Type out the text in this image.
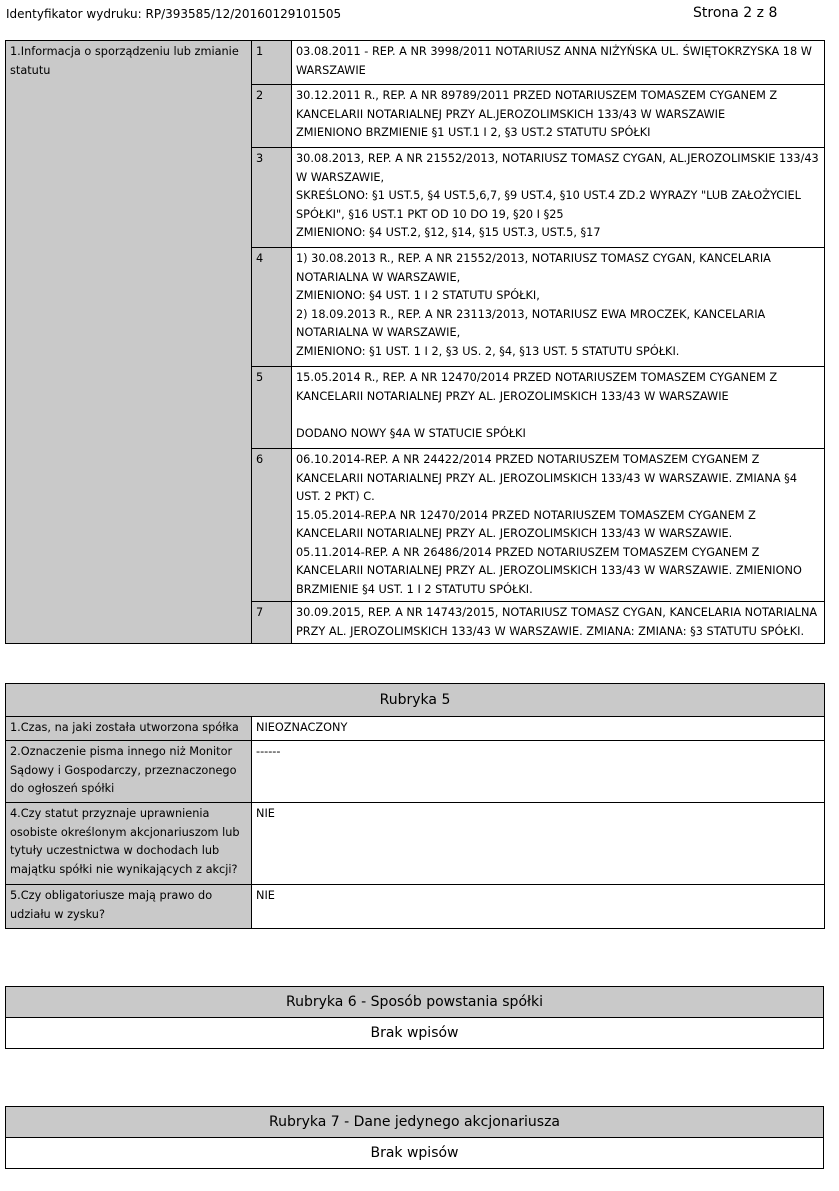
Identyfikator wydruku: RP/393585/12/20160129101505	Strona 2 z 8
1.Informacja o sporządzeniu lub zmianie statutu	1	03.08.2011 - REP. A NR 3998/2011 NOTARIUSZ ANNA NIŻYŃSKA UL. ŚWIĘTOKRZYSKA 18 W WARSZAWIE
	2	30.12.2011 R., REP. A NR 89789/2011 PRZED NOTARIUSZEM TOMASZEM CYGANEM Z KANCELARII NOTARIALNEJ PRZY AL.JEROZOLIMSKICH 133/43 W WARSZAWIE
ZMIENIONO BRZMIENIE §1 UST.1 I 2, §3 UST.2 STATUTU SPÓŁKI
	3	30.08.2013, REP. A NR 21552/2013, NOTARIUSZ TOMASZ CYGAN, AL.JEROZOLIMSKIE 133/43 W WARSZAWIE,
SKREŚLONO: §1 UST.5, §4 UST.5,6,7, §9 UST.4, §10 UST.4 ZD.2 WYRAZY "LUB ZAŁOŻYCIEL SPÓŁKI", §16 UST.1 PKT OD 10 DO 19, §20 I §25
ZMIENIONO: §4 UST.2, §12, §14, §15 UST.3, UST.5, §17
	4	1) 30.08.2013 R., REP. A NR 21552/2013, NOTARIUSZ TOMASZ CYGAN, KANCELARIA NOTARIALNA W WARSZAWIE,
ZMIENIONO: §4 UST. 1 I 2 STATUTU SPÓŁKI,
2) 18.09.2013 R., REP. A NR 23113/2013, NOTARIUSZ EWA MROCZEK, KANCELARIA NOTARIALNA W WARSZAWIE,
ZMIENIONO: §1 UST. 1 I 2, §3 US. 2, §4, §13 UST. 5 STATUTU SPÓŁKI.
	5	15.05.2014 R., REP. A NR 12470/2014 PRZED NOTARIUSZEM TOMASZEM CYGANEM Z KANCELARII NOTARIALNEJ PRZY AL. JEROZOLIMSKICH 133/43 W WARSZAWIE

DODANO NOWY §4A W STATUCIE SPÓŁKI
	6	06.10.2014-REP. A NR 24422/2014 PRZED NOTARIUSZEM TOMASZEM CYGANEM Z KANCELARII NOTARIALNEJ PRZY AL. JEROZOLIMSKICH 133/43 W WARSZAWIE. ZMIANA §4 UST. 2 PKT) C.
15.05.2014-REP.A NR 12470/2014 PRZED NOTARIUSZEM TOMASZEM CYGANEM Z KANCELARII NOTARIALNEJ PRZY AL. JEROZOLIMSKICH 133/43 W WARSZAWIE.
05.11.2014-REP. A NR 26486/2014 PRZED NOTARIUSZEM TOMASZEM CYGANEM Z KANCELARII NOTARIALNEJ PRZY AL. JEROZOLIMSKICH 133/43 W WARSZAWIE. ZMIENIONO BRZMIENIE §4 UST. 1 I 2 STATUTU SPÓŁKI.
	7	30.09.2015, REP. A NR 14743/2015, NOTARIUSZ TOMASZ CYGAN, KANCELARIA NOTARIALNA PRZY AL. JEROZOLIMSKICH 133/43 W WARSZAWIE. ZMIANA: ZMIANA: §3 STATUTU SPÓŁKI.
Rubryka 5	
1.Czas, na jaki została utworzona spółka	NIEOZNACZONY
2.Oznaczenie pisma innego niż Monitor Sądowy i Gospodarczy, przeznaczonego do ogłoszeń spółki	------
4.Czy statut przyznaje uprawnienia osobiste określonym akcjonariuszom lub tytuły uczestnictwa w dochodach lub majątku spółki nie wynikających z akcji?	NIE
5.Czy obligatoriusze mają prawo do udziału w zysku?	NIE
Rubryka 6 - Sposób powstania spółki
Brak wpisów
Rubryka 7 - Dane jedynego akcjonariusza
Brak wpisów
